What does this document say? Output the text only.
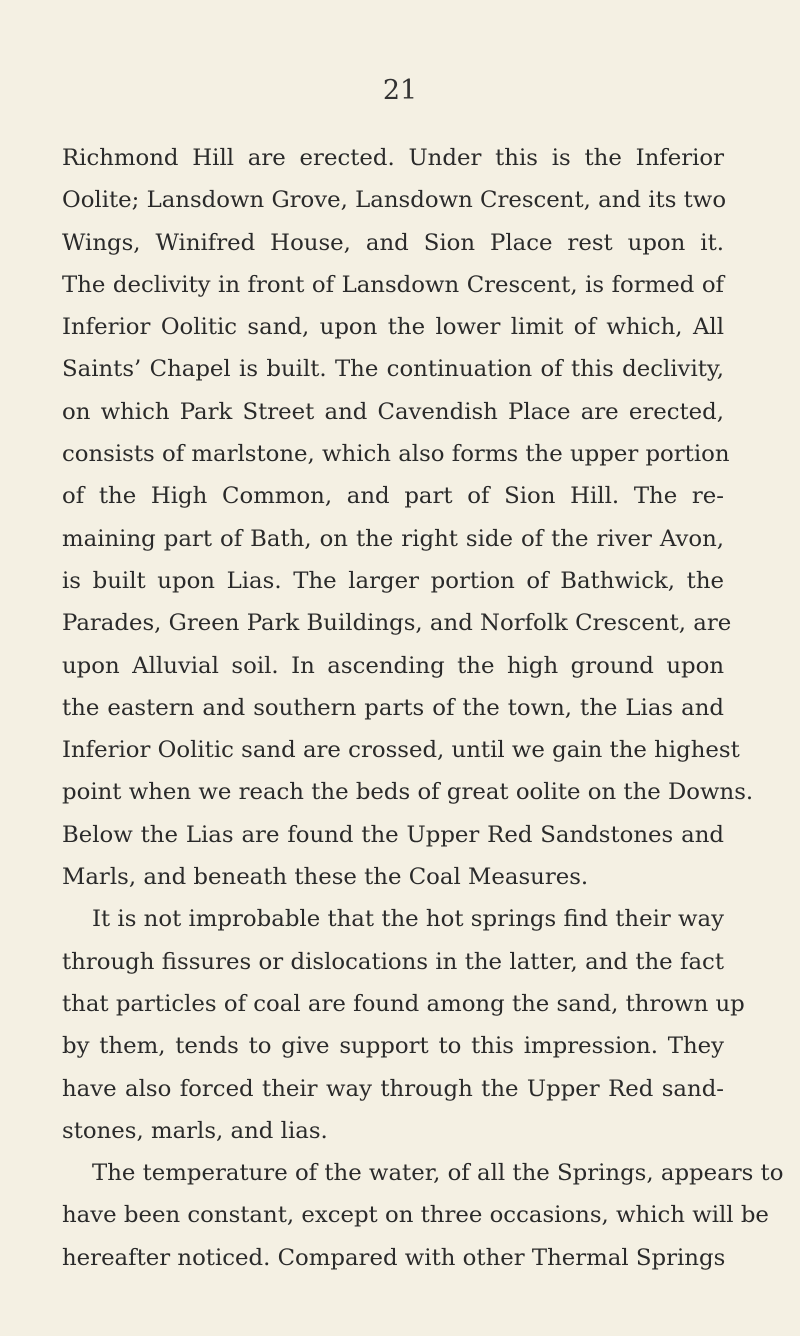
21
Richmond Hill are erected. Under this is the Inferior
Oolite; Lansdown Grove, Lansdown Crescent, and its two
Wings, Winifred House, and Sion Place rest upon it.
The declivity in front of Lansdown Crescent, is formed of
Inferior Oolitic sand, upon the lower limit of which, All
Saints’ Chapel is built. The continuation of this declivity,
on which Park Street and Cavendish Place are erected,
consists of marlstone, which also forms the upper portion
of the High Common, and part of Sion Hill. The re-
maining part of Bath, on the right side of the river Avon,
is built upon Lias. The larger portion of Bathwick, the
Parades, Green Park Buildings, and Norfolk Crescent, are
upon Alluvial soil. In ascending the high ground upon
the eastern and southern parts of the town, the Lias and
Inferior Oolitic sand are crossed, until we gain the highest
point when we reach the beds of great oolite on the Downs.
Below the Lias are found the Upper Red Sandstones and
Marls, and beneath these the Coal Measures.
It is not improbable that the hot springs find their way
through fissures or dislocations in the latter, and the fact
that particles of coal are found among the sand, thrown up
by them, tends to give support to this impression. They
have also forced their way through the Upper Red sand-
stones, marls, and lias.
The temperature of the water, of all the Springs, appears to
have been constant, except on three occasions, which will be
hereafter noticed. Compared with other Thermal Springs
